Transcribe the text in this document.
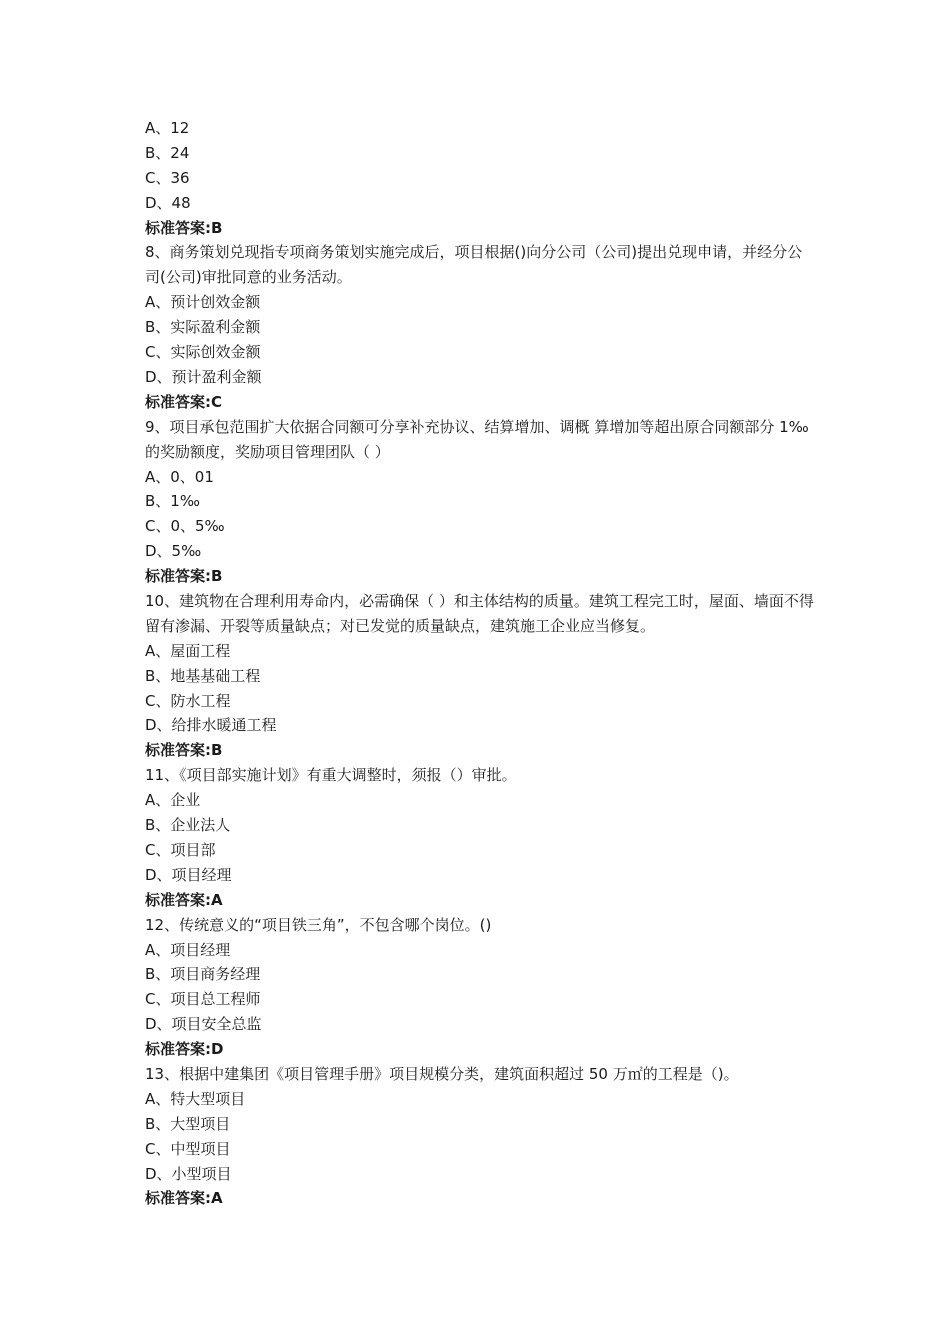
A、12
B、24
C、36
D、48
标准答案:B
8、商务策划兑现指专项商务策划实施完成后，项目根据()向分公司（公司)提出兑现申请，并经分公司(公司)审批同意的业务活动。
A、预计创效金额
B、实际盈利金额
C、实际创效金额
D、预计盈利金额
标准答案:C
9、项目承包范围扩大依据合同额可分享补充协议、结算增加、调概 算增加等超出原合同额部分 1‰的奖励额度，奖励项目管理团队（ ）
A、0、01
B、1‰
C、0、5‰
D、5‰
标准答案:B
10、建筑物在合理利用寿命内，必需确保（ ）和主体结构的质量。建筑工程完工时，屋面、墙面不得留有渗漏、开裂等质量缺点；对已发觉的质量缺点，建筑施工企业应当修复。
A、屋面工程
B、地基基础工程
C、防水工程
D、给排水暖通工程
标准答案:B
11、《项目部实施计划》有重大调整时，须报（）审批。
A、企业
B、企业法人
C、项目部
D、项目经理
标准答案:A
12、传统意义的“项目铁三角”，不包含哪个岗位。()
A、项目经理
B、项目商务经理
C、项目总工程师
D、项目安全总监
标准答案:D
13、根据中建集团《项目管理手册》项目规模分类，建筑面积超过 50 万㎡的工程是（)。
A、特大型项目
B、大型项目
C、中型项目
D、小型项目
标准答案:A
